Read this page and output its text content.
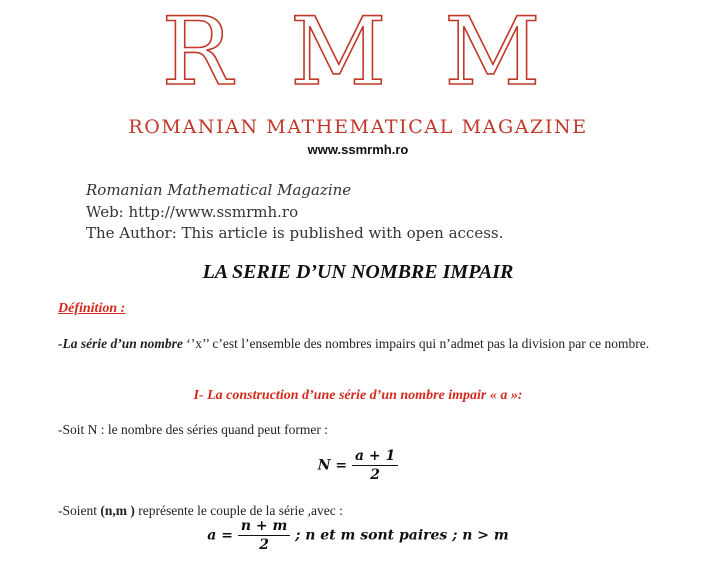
R M M
ROMANIAN MATHEMATICAL MAGAZINE
www.ssmrmh.ro
Romanian Mathematical Magazine
Web: http://www.ssmrmh.ro
The Author: This article is published with open access.
LA SERIE D’UN NOMBRE IMPAIR
Définition :
-La série d’un nombre ‘’x’’ c’est l’ensemble des nombres impairs qui n’admet pas la division par ce nombre.
I- La construction d’une série d’un nombre impair « a »:
-Soit N : le nombre des séries quand peut former :
$N = \frac{a + 1}{2}$
-Soient (n,m ) représente le couple de la série ,avec :
$a = \frac{n + m}{2}$ ; n et m sont paires ; n > m
